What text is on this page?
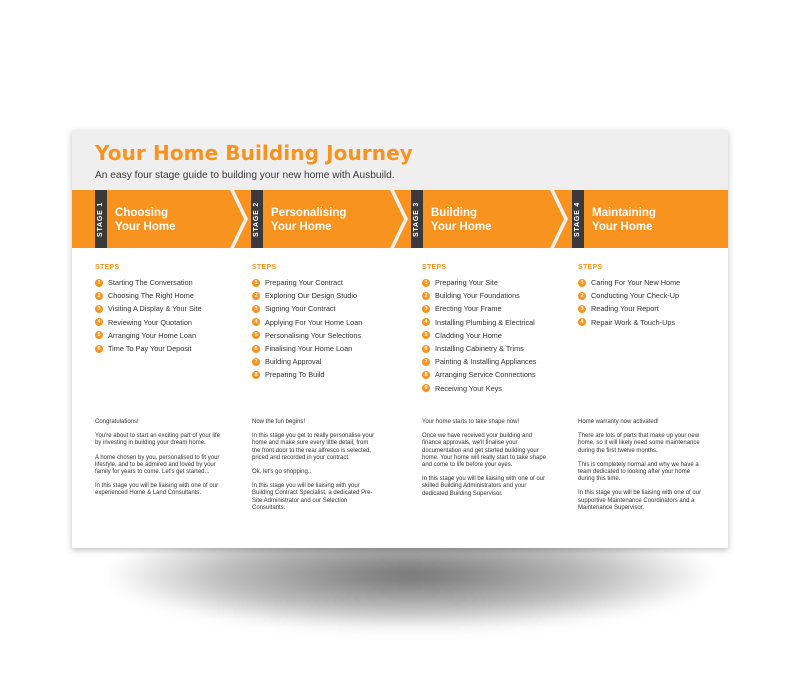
Your Home Building Journey
An easy four stage guide to building your new home with Ausbuild.
STAGE 1	STAGE 2	STAGE 3	STAGE 4
Choosing
Your Home
Personalising
Your Home
Building
Your Home
Maintaining
Your Home
STEPS
1	Starting The Conversation
2	Choosing The Right Home
3	Visiting A Display & Your Site
4	Reviewing Your Quotation
5	Arranging Your Home Loan
6	Time To Pay Your Deposit
STEPS
1	Preparing Your Contract
2	Exploring Our Design Studio
3	Signing Your Contract
4	Applying For Your Home Loan
5	Personalising Your Selections
6	Finalising Your Home Loan
7	Building Approval
8	Preparing To Build
STEPS
1	Preparing Your Site
2	Building Your Foundations
3	Erecting Your Frame
4	Installing Plumbing & Electrical
5	Cladding Your Home
6	Installing Cabinetry & Trims
7	Painting & Installing Appliances
8	Arranging Service Connections
9	Receiving Your Keys
STEPS
1	Caring For Your New Home
2	Conducting Your Check-Up
3	Reading Your Report
4	Repair Work & Touch-Ups

Congratulations!

You're about to start an exciting part of your life by investing in building your dream home.

A home chosen by you, personalised to fit your lifestyle, and to be admired and loved by your family for years to come. Let's get started...

In this stage you will be liaising with one of our experienced Home & Land Consultants.

Now the fun begins!

In this stage you get to really personalise your home and make sure every little detail, from the front door to the rear alfresco is selected, priced and recorded in your contract.

Ok, let's go shopping..

In this stage you will be liaising with your Building Contract Specialist, a dedicated Pre-Site Administrator and our Selection Consultants.

Your home starts to take shape now!

Once we have received your building and finance approvals, we'll finalise your documentation and get started building your home. Your home will really start to take shape and come to life before your eyes.

In this stage you will be liaising with one of our skilled Building Administrators and your dedicated Building Supervisor.

Home warranty now activated!

There are lots of parts that make up your new home, so it will likely need some maintenance during the first twelve months.

This is completely normal and why we have a team dedicated to looking after your home during this time.

In this stage you will be liaising with one of our supportive Maintenance Coordinators and a Maintenance Supervisor.
